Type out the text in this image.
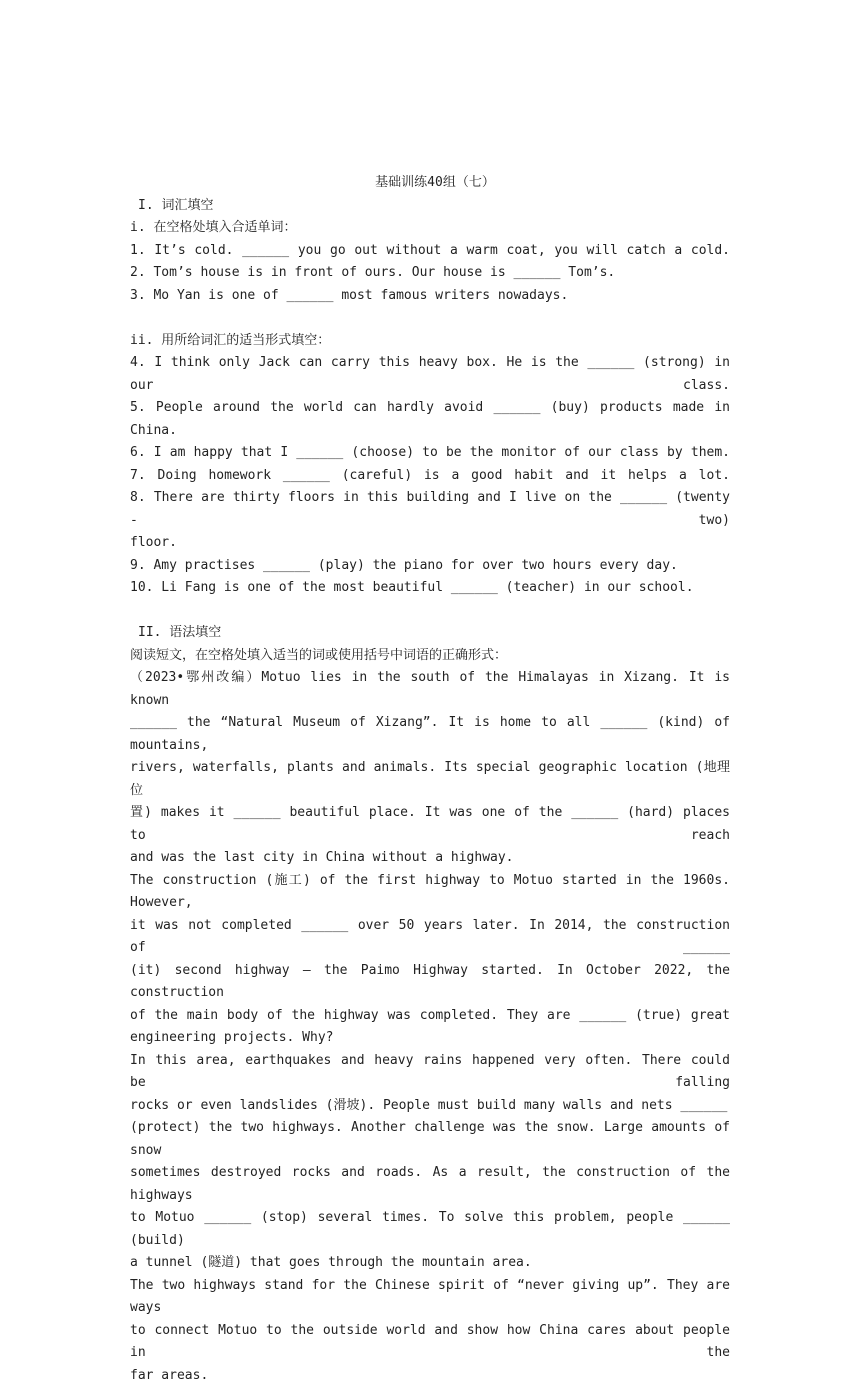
基础训练40组（七）
I. 词汇填空
i. 在空格处填入合适单词：
1. It’s cold. ______ you go out without a warm coat, you will catch a cold.
2. Tom’s house is in front of ours. Our house is ______ Tom’s.
3. Mo Yan is one of ______ most famous writers nowadays.
ii. 用所给词汇的适当形式填空：
4. I think only Jack can carry this heavy box. He is the ______ (strong) in our class.
5. People around the world can hardly avoid ______ (buy) products made in China.
6. I am happy that I ______ (choose) to be the monitor of our class by them.
7. Doing homework ______ (careful) is a good habit and it helps a lot.
8. There are thirty floors in this building and I live on the ______ (twenty - two)
floor.
9. Amy practises ______ (play) the piano for over two hours every day.
10. Li Fang is one of the most beautiful ______ (teacher) in our school.
II. 语法填空
阅读短文，在空格处填入适当的词或使用括号中词语的正确形式：
（2023•鄂州改编）Motuo lies in the south of the Himalayas in Xizang. It is known
______ the “Natural Museum of Xizang”. It is home to all ______ (kind) of mountains,
rivers, waterfalls, plants and animals. Its special geographic location (地理位
置) makes it ______ beautiful place. It was one of the ______ (hard) places to reach
and was the last city in China without a highway.
The construction (施工) of the first highway to Motuo started in the 1960s. However,
it was not completed ______ over 50 years later. In 2014, the construction of ______
(it) second highway — the Paimo Highway started. In October 2022, the construction
of the main body of the highway was completed. They are ______ (true) great
engineering projects. Why?
In this area, earthquakes and heavy rains happened very often. There could be falling
rocks or even landslides (滑坡). People must build many walls and nets ______
(protect) the two highways. Another challenge was the snow. Large amounts of snow
sometimes destroyed rocks and roads. As a result, the construction of the highways
to Motuo ______ (stop) several times. To solve this problem, people ______ (build)
a tunnel (隧道) that goes through the mountain area.
The two highways stand for the Chinese spirit of “never giving up”. They are ways
to connect Motuo to the outside world and show how China cares about people in the
far areas.
